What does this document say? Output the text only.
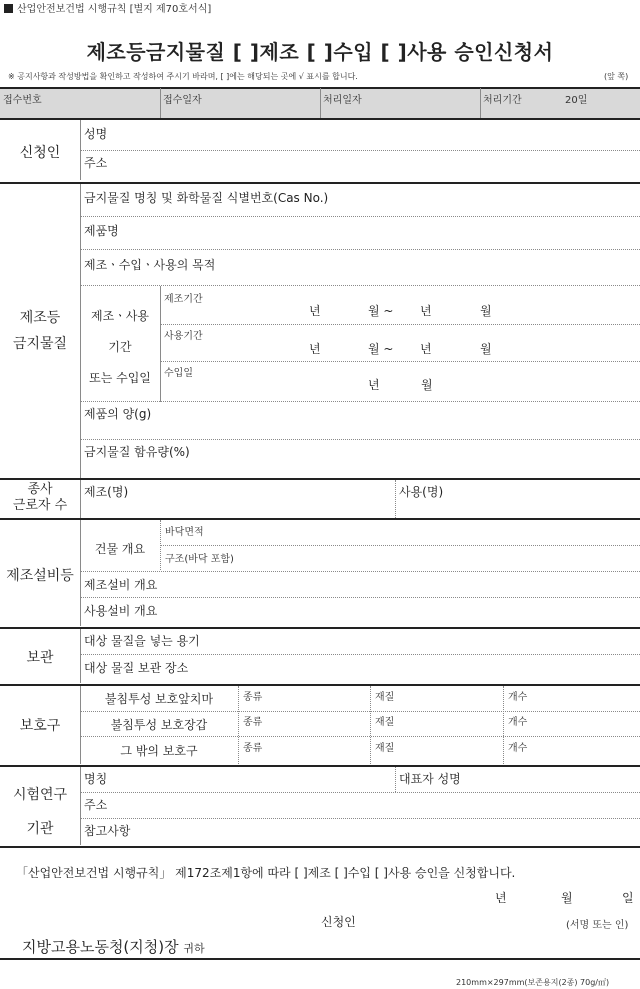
산업안전보건법 시행규칙 [별지 제70호서식]
제조등금지물질 [ ]제조 [ ]수입 [ ]사용 승인신청서
※ 공지사항과 작성방법을 확인하고 작성하여 주시기 바라며, [ ]에는 해당되는 곳에 √ 표시를 합니다.	(앞 쪽)
접수번호	접수일자	처리일자	처리기간	20일
신청인
성명
주소
제조등
금지물질
금지물질 명칭 및 화학물질 식별번호(Cas No.)
제품명
제조ㆍ수입ㆍ사용의 목적
제조ㆍ사용
기간
또는 수입일
제조기간
년	월 ~ 년	월
사용기간
년	월 ~ 년	월
수입일
년	월
제품의 양(g)
금지물질 함유량(%)
종사
근로자 수
제조(명)	사용(명)
제조설비등
건물 개요
바닥면적
구조(바닥 포함)
제조설비 개요
사용설비 개요
보관
대상 물질을 넣는 용기
대상 물질 보관 장소
보호구
불침투성 보호앞치마	종류	재질	개수
불침투성 보호장갑	종류	재질	개수
그 밖의 보호구	종류	재질	개수
시험연구
기관
명칭	대표자 성명
주소
참고사항
「산업안전보건법 시행규칙」 제172조제1항에 따라 [ ]제조 [ ]수입 [ ]사용 승인을 신청합니다.
년	월	일
신청인	(서명 또는 인)
지방고용노동청(지청)장 귀하
210mm×297mm(보존용지(2종) 70g/㎡)
